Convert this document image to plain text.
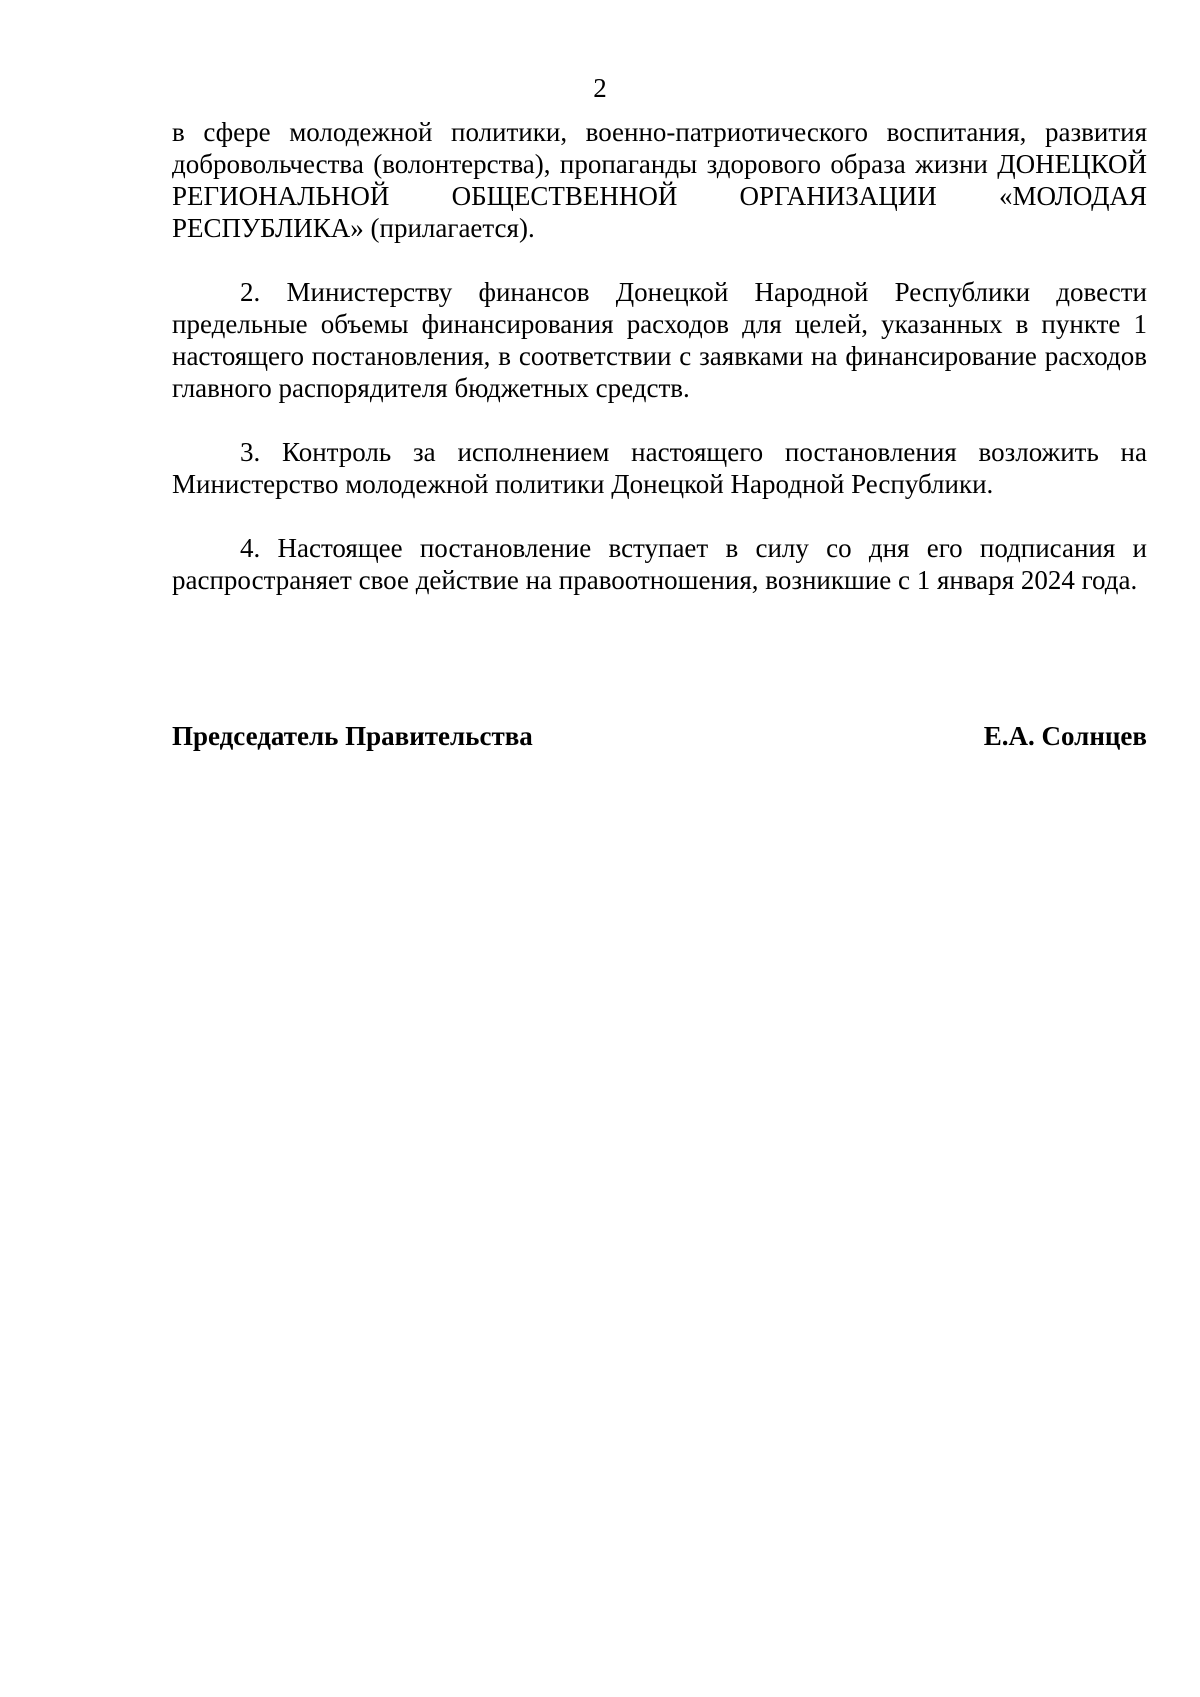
2

в сфере молодежной политики, военно-патриотического воспитания, развития добровольчества (волонтерства), пропаганды здорового образа жизни ДОНЕЦКОЙ РЕГИОНАЛЬНОЙ ОБЩЕСТВЕННОЙ ОРГАНИЗАЦИИ «МОЛОДАЯ РЕСПУБЛИКА» (прилагается).

2. Министерству финансов Донецкой Народной Республики довести предельные объемы финансирования расходов для целей, указанных в пункте 1 настоящего постановления, в соответствии с заявками на финансирование расходов главного распорядителя бюджетных средств.

3. Контроль за исполнением настоящего постановления возложить на Министерство молодежной политики Донецкой Народной Республики.

4. Настоящее постановление вступает в силу со дня его подписания и распространяет свое действие на правоотношения, возникшие с 1 января 2024 года.

Председатель Правительства	Е.А. Солнцев
